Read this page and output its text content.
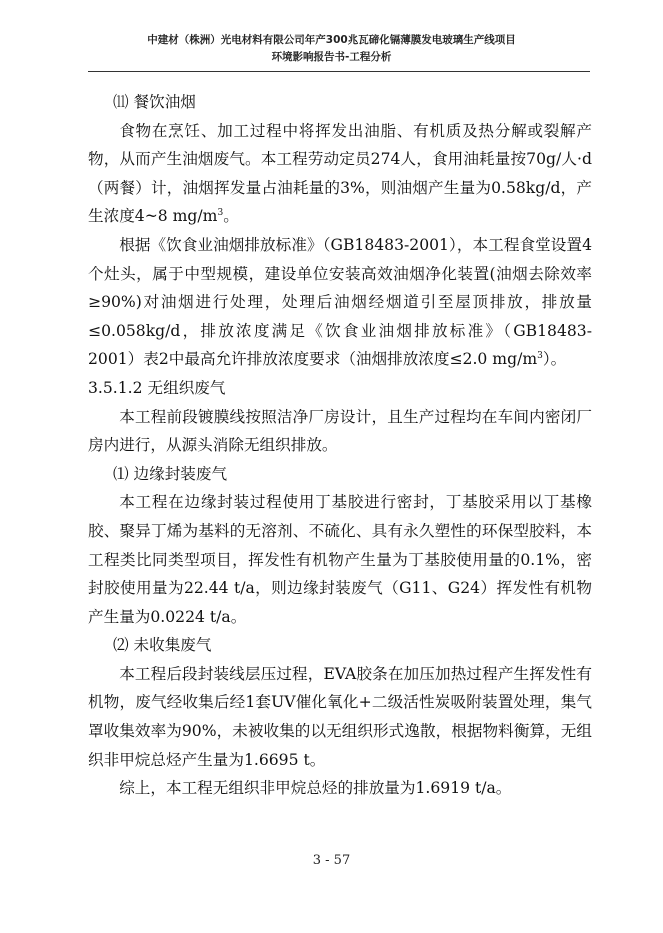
中建材（株洲）光电材料有限公司年产300兆瓦碲化镉薄膜发电玻璃生产线项目
环境影响报告书-工程分析

⑾ 餐饮油烟

食物在烹饪、加工过程中将挥发出油脂、有机质及热分解或裂解产物，从而产生油烟废气。本工程劳动定员274人，食用油耗量按70g/人·d（两餐）计，油烟挥发量占油耗量的3%，则油烟产生量为0.58kg/d，产生浓度4~8 $mg/m^3$。

根据《饮食业油烟排放标准》（GB18483-2001），本工程食堂设置4个灶头，属于中型规模，建设单位安装高效油烟净化装置(油烟去除效率≥90%)对油烟进行处理，处理后油烟经烟道引至屋顶排放，排放量≤0.058kg/d，排放浓度满足《饮食业油烟排放标准》（GB18483-2001）表2中最高允许排放浓度要求（油烟排放浓度≤2.0 $mg/m^3$）。

3.5.1.2 无组织废气

本工程前段镀膜线按照洁净厂房设计，且生产过程均在车间内密闭厂房内进行，从源头消除无组织排放。

⑴ 边缘封装废气

本工程在边缘封装过程使用丁基胶进行密封，丁基胶采用以丁基橡胶、聚异丁烯为基料的无溶剂、不硫化、具有永久塑性的环保型胶料，本工程类比同类型项目，挥发性有机物产生量为丁基胶使用量的0.1%，密封胶使用量为22.44 t/a，则边缘封装废气（G11、G24）挥发性有机物产生量为0.0224 t/a。

⑵ 未收集废气

本工程后段封装线层压过程，EVA胶条在加压加热过程产生挥发性有机物，废气经收集后经1套UV催化氧化+二级活性炭吸附装置处理，集气罩收集效率为90%，未被收集的以无组织形式逸散，根据物料衡算，无组织非甲烷总烃产生量为1.6695 t。

综上，本工程无组织非甲烷总烃的排放量为1.6919 t/a。

3 - 57
